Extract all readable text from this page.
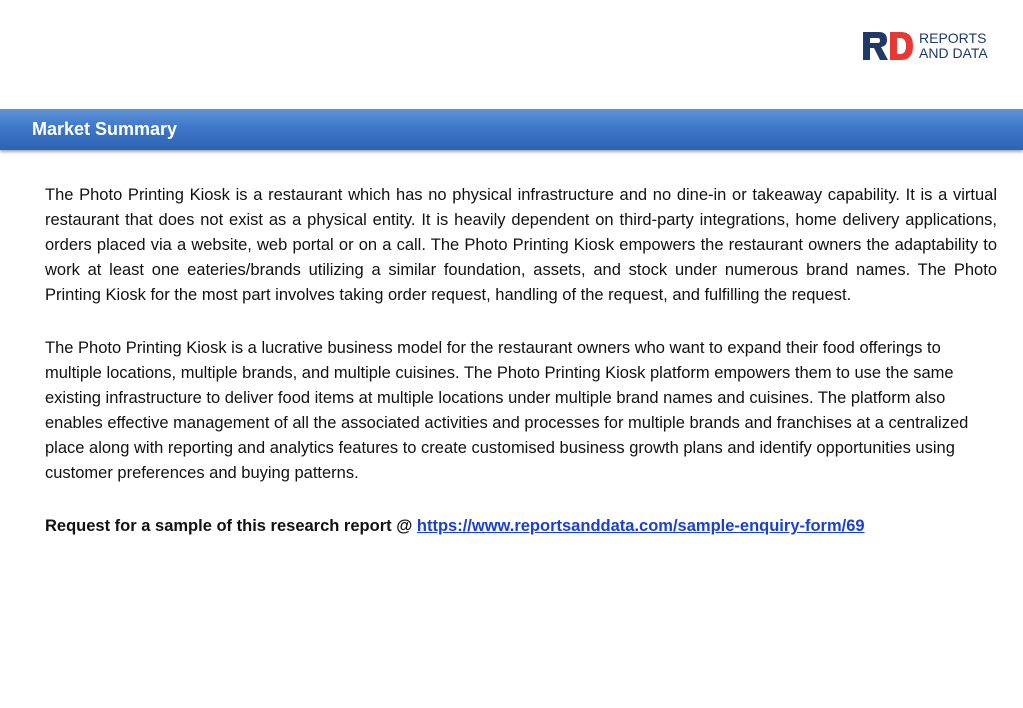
REPORTS
AND DATA
Market Summary

The Photo Printing Kiosk is a restaurant which has no physical infrastructure and no dine-in or takeaway capability. It is a virtual restaurant that does not exist as a physical entity. It is heavily dependent on third-party integrations, home delivery applications, orders placed via a website, web portal or on a call. The Photo Printing Kiosk empowers the restaurant owners the adaptability to work at least one eateries/brands utilizing a similar foundation, assets, and stock under numerous brand names. The Photo Printing Kiosk for the most part involves taking order request, handling of the request, and fulfilling the request.

The Photo Printing Kiosk is a lucrative business model for the restaurant owners who want to expand their food offerings to multiple locations, multiple brands, and multiple cuisines. The Photo Printing Kiosk platform empowers them to use the same existing infrastructure to deliver food items at multiple locations under multiple brand names and cuisines. The platform also enables effective management of all the associated activities and processes for multiple brands and franchises at a centralized place along with reporting and analytics features to create customised business growth plans and identify opportunities using customer preferences and buying patterns.

Request for a sample of this research report @ https://www.reportsanddata.com/sample-enquiry-form/69
